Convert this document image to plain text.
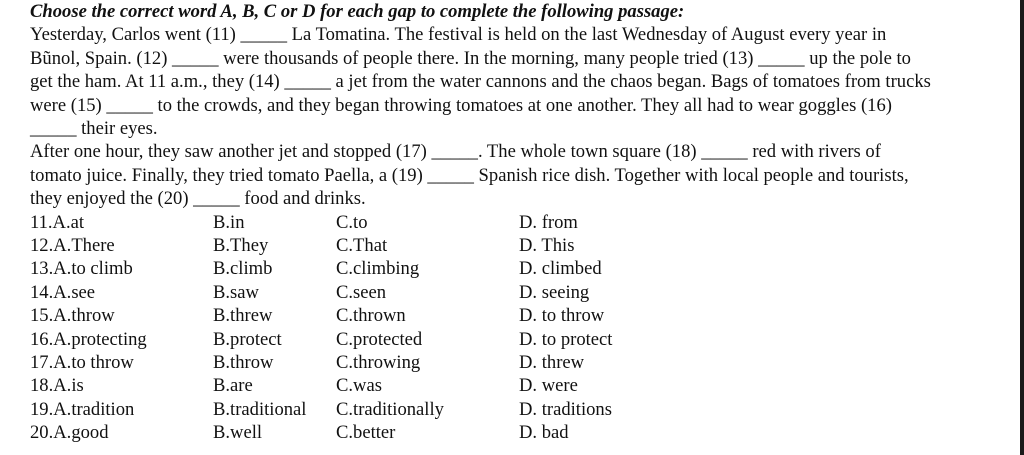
Choose the correct word A, B, C or D for each gap to complete the following passage:
Yesterday, Carlos went (11) _____ La Tomatina. The festival is held on the last Wednesday of August every year in
Bũnol, Spain. (12) _____ were thousands of people there. In the morning, many people tried (13) _____ up the pole to
get the ham. At 11 a.m., they (14) _____ a jet from the water cannons and the chaos began. Bags of tomatoes from trucks
were (15) _____ to the crowds, and they began throwing tomatoes at one another. They all had to wear goggles (16)
_____ their eyes.
After one hour, they saw another jet and stopped (17) _____. The whole town square (18) _____ red with rivers of
tomato juice. Finally, they tried tomato Paella, a (19) _____ Spanish rice dish. Together with local people and tourists,
they enjoyed the (20) _____ food and drinks.
11.A.at	B.in	C.to	D. from
12.A.There	B.They	C.That	D. This
13.A.to climb	B.climb	C.climbing	D. climbed
14.A.see	B.saw	C.seen	D. seeing
15.A.throw	B.threw	C.thrown	D. to throw
16.A.protecting	B.protect	C.protected	D. to protect
17.A.to throw	B.throw	C.throwing	D. threw
18.A.is	B.are	C.was	D. were
19.A.tradition	B.traditional C.traditionally	D. traditions
20.A.good	B.well	C.better	D. bad
